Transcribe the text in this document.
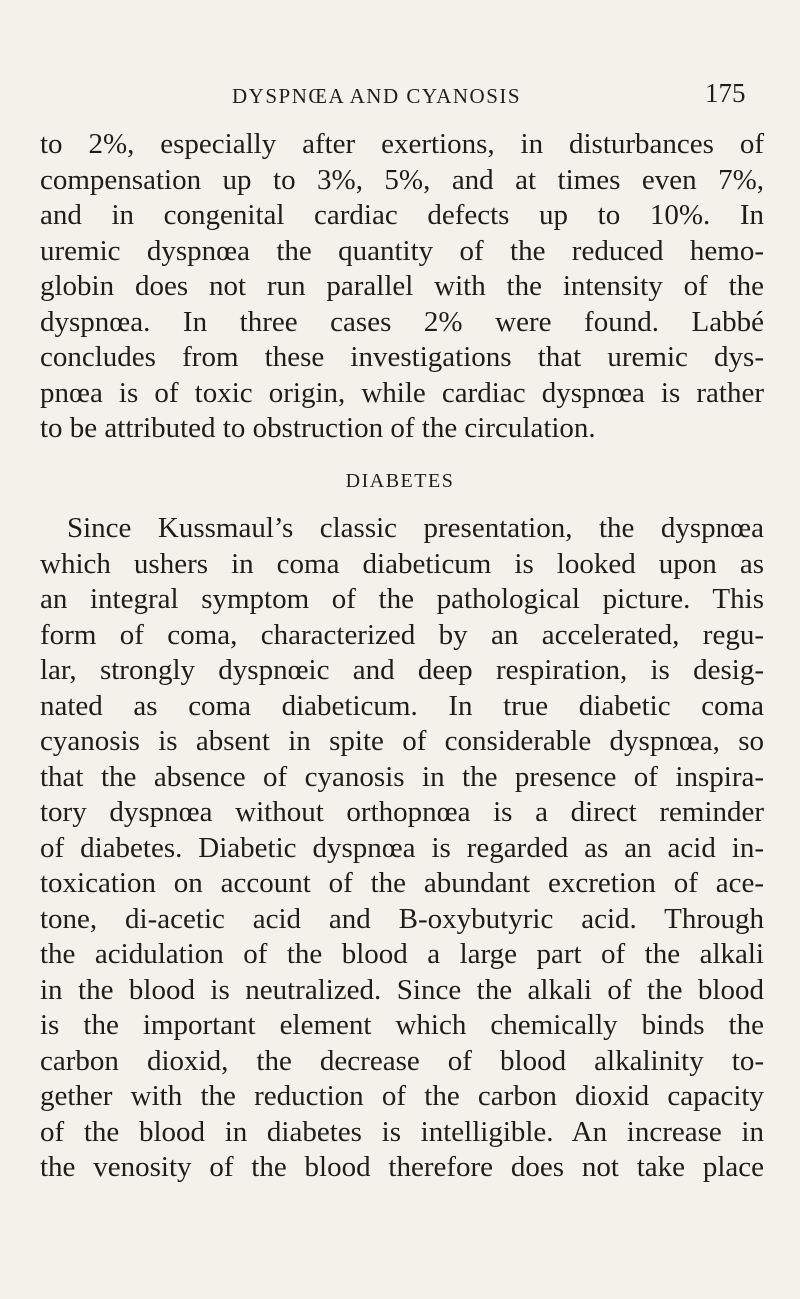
DYSPNŒA AND CYANOSIS	175
to 2%, especially after exertions, in disturbances of
compensation up to 3%, 5%, and at times even 7%,
and in congenital cardiac defects up to 10%. In
uremic dyspnœa the quantity of the reduced hemo-
globin does not run parallel with the intensity of the
dyspnœa. In three cases 2% were found. Labbé
concludes from these investigations that uremic dys-
pnœa is of toxic origin, while cardiac dyspnœa is rather
to be attributed to obstruction of the circulation.
DIABETES
Since Kussmaul’s classic presentation, the dyspnœa
which ushers in coma diabeticum is looked upon as
an integral symptom of the pathological picture. This
form of coma, characterized by an accelerated, regu-
lar, strongly dyspnœic and deep respiration, is desig-
nated as coma diabeticum. In true diabetic coma
cyanosis is absent in spite of considerable dyspnœa, so
that the absence of cyanosis in the presence of inspira-
tory dyspnœa without orthopnœa is a direct reminder
of diabetes. Diabetic dyspnœa is regarded as an acid in-
toxication on account of the abundant excretion of ace-
tone, di-acetic acid and B-oxybutyric acid. Through
the acidulation of the blood a large part of the alkali
in the blood is neutralized. Since the alkali of the blood
is the important element which chemically binds the
carbon dioxid, the decrease of blood alkalinity to-
gether with the reduction of the carbon dioxid capacity
of the blood in diabetes is intelligible. An increase in
the venosity of the blood therefore does not take place
